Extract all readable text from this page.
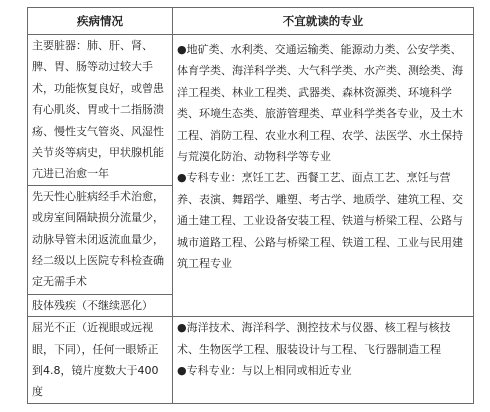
疾病情况	不宜就读的专业

主要脏器：肺、肝、肾、脾、胃、肠等动过较大手术，功能恢复良好，或曾患有心肌炎、胃或十二指肠溃疡、慢性支气管炎、风湿性关节炎等病史，甲状腺机能亢进已治愈一年	●地矿类、水利类、交通运输类、能源动力类、公安学类、体育学类、海洋科学类、大气科学类、水产类、测绘类、海洋工程类、林业工程类、武器类、森林资源类、环境科学类、环境生态类、旅游管理类、草业科学类各专业，及土木工程、消防工程、农业水利工程、农学、法医学、水土保持与荒漠化防治、动物科学等专业
●专科专业：烹饪工艺、西餐工艺、面点工艺、烹饪与营养、表演、舞蹈学、雕塑、考古学、地质学、建筑工程、交通土建工程、工业设备安装工程、铁道与桥梁工程、公路与城市道路工程、公路与桥梁工程、铁道工程、工业与民用建筑工程专业

先天性心脏病经手术治愈，或房室间隔缺损分流量少，动脉导管未闭返流血量少，经二级以上医院专科检查确定无需手术	

肢体残疾（不继续恶化）	

屈光不正（近视眼或远视眼，下同），任何一眼矫正到4.8，镜片度数大于400度	●海洋技术、海洋科学、测控技术与仪器、核工程与核技术、生物医学工程、服装设计与工程、飞行器制造工程
●专科专业：与以上相同或相近专业
